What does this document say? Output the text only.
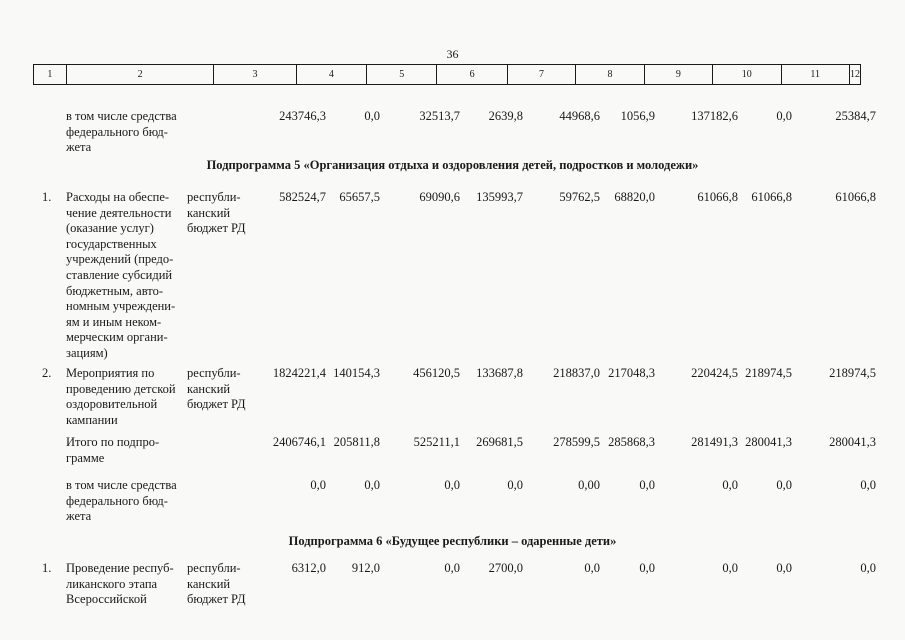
36
1	2	3	4	5	6	7	8	9	10	11	12
в том числе средства
федерального бюд-
жета
243746,3	0,0	32513,7 2639,8	44968,6 1056,9	137182,6	0,0	25384,7
Подпрограмма 5 «Организация отдыха и оздоровления детей, подростков и молодежи»
1. Расходы на обеспе-
чение деятельности
(оказание услуг)
государственных
учреждений (предо-
ставление субсидий
бюджетным, авто-
номным учреждени-
ям и иным неком-
мерческим органи-
зациям)
республи-
канский
бюджет РД
582524,7 65657,5	69090,6 135993,7	59762,5 68820,0	61066,8 61066,8	61066,8
2. Мероприятия по
проведению детской
оздоровительной
кампании
республи-
канский
бюджет РД
1824221,4 140154,3	456120,5 133687,8 218837,0 217048,3	220424,5 218974,5	218974,5
Итого по подпро-
грамме
2406746,1 205811,8	525211,1 269681,5 278599,5 285868,3	281491,3 280041,3	280041,3
в том числе средства
федерального бюд-
жета
0,0	0,0	0,0	0,0	0,00	0,0	0,0	0,0	0,0
Подпрограмма 6 «Будущее республики – одаренные дети»
1. Проведение респуб-
ликанского этапа
Всероссийской
республи-
канский
бюджет РД
6312,0 912,0	0,0 2700,0	0,0	0,0	0,0	0,0	0,0
